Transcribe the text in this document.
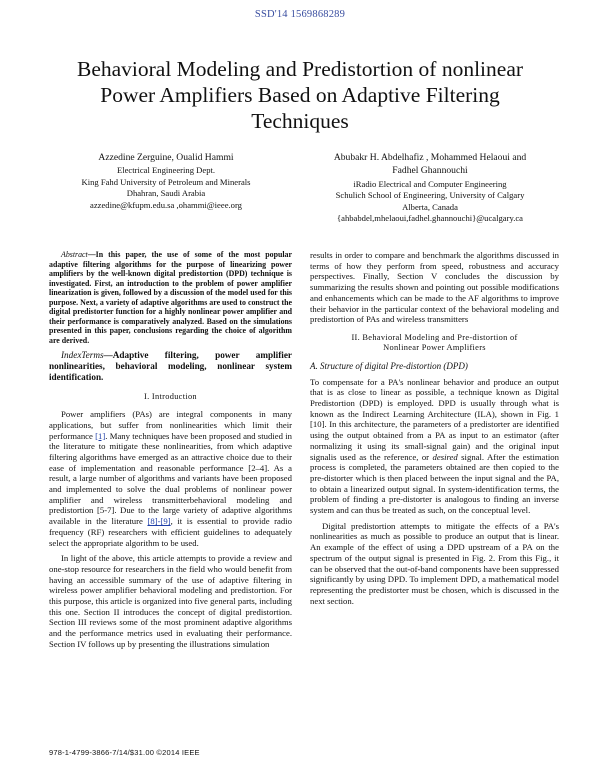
SSD'14 1569868289
Behavioral Modeling and Predistortion of nonlinear
Power Amplifiers Based on Adaptive Filtering
Techniques
Azzedine Zerguine, Oualid Hammi
Electrical Engineering Dept.
King Fahd University of Petroleum and Minerals
Dhahran, Saudi Arabia
azzedine@kfupm.edu.sa ,ohammi@ieee.org
Abubakr H. Abdelhafiz , Mohammed Helaoui and
Fadhel Ghannouchi
iRadio Electrical and Computer Engineering
Schulich School of Engineering, University of Calgary
Alberta, Canada
{ahbabdel,mhelaoui,fadhel.ghannouchi}@ucalgary.ca

Abstract—In this paper, the use of some of the most popular adaptive filtering algorithms for the purpose of linearizing power amplifiers by the well-known digital predistortion (DPD) technique is investigated. First, an introduction to the problem of power amplifier linearization is given, followed by a discussion of the model used for this purpose. Next, a variety of adaptive algorithms are used to construct the digital predistorter function for a highly nonlinear power amplifier and their performance is comparatively analyzed. Based on the simulations presented in this paper, conclusions regarding the choice of algorithm are derived.

IndexTerms—Adaptive filtering, power amplifier nonlinearities, behavioral modeling, nonlinear system identification.

I. Introduction

Power amplifiers (PAs) are integral components in many applications, but suffer from nonlinearities which limit their performance [1]. Many techniques have been proposed and studied in the literature to mitigate these nonlinearities, from which adaptive filtering algorithms have emerged as an attractive choice due to their ease of implementation and reasonable performance [2–4]. As a result, a large number of algorithms and variants have been proposed and implemented to solve the dual problems of nonlinear power amplifier and wireless transmitterbehavioral modeling and predistortion [5-7]. Due to the large variety of adaptive algorithms available in the literature [8]-[9], it is essential to provide radio frequency (RF) researchers with efficient guidelines to adequately select the appropriate algorithm to be used.

In light of the above, this article attempts to provide a review and one-stop resource for researchers in the field who would benefit from having an accessible summary of the use of adaptive filtering in wireless power amplifier behavioral modeling and predistortion. For this purpose, this article is organized into five general parts, including this one. Section II introduces the concept of digital predistortion. Section III reviews some of the most prominent adaptive algorithms and the performance metrics used in evaluating their performance. Section IV follows up by presenting the illustrations simulation

results in order to compare and benchmark the algorithms discussed in terms of how they perform from speed, robustness and accuracy perspectives. Finally, Section V concludes the discussion by summarizing the results shown and pointing out possible modifications and enhancements which can be made to the AF algorithms to improve their behavior in the particular context of the behavioral modeling and predistortion of PAs and wireless transmitters

II. Behavioral Modeling and Pre-distortion of
Nonlinear Power Amplifiers
A. Structure of digital Pre-distortion (DPD)

To compensate for a PA's nonlinear behavior and produce an output that is as close to linear as possible, a technique known as Digital Predistortion (DPD) is employed. DPD is usually through what is known as the Indirect Learning Architecture (ILA), shown in Fig. 1 [10]. In this architecture, the parameters of a predistorter are identified using the output obtained from a PA as input to an estimator (after normalizing it using its small-signal gain) and the original input signalis used as the reference, or desired signal. After the estimation process is completed, the parameters obtained are then copied to the pre-distorter which is then placed between the input signal and the PA, to obtain a linearized output signal. In system-identification terms, the problem of finding a pre-distorter is analogous to finding an inverse system and can thus be treated as such, on the conceptual level.

Digital predistortion attempts to mitigate the effects of a PA's nonlinearities as much as possible to produce an output that is linear. An example of the effect of using a DPD upstream of a PA on the spectrum of the output signal is presented in Fig. 2. From this Fig., it can be observed that the out-of-band components have been suppressed significantly by using DPD. To implement DPD, a mathematical model representing the predistorter must be chosen, which is discussed in the next section.

978-1-4799-3866-7/14/$31.00 ©2014 IEEE
